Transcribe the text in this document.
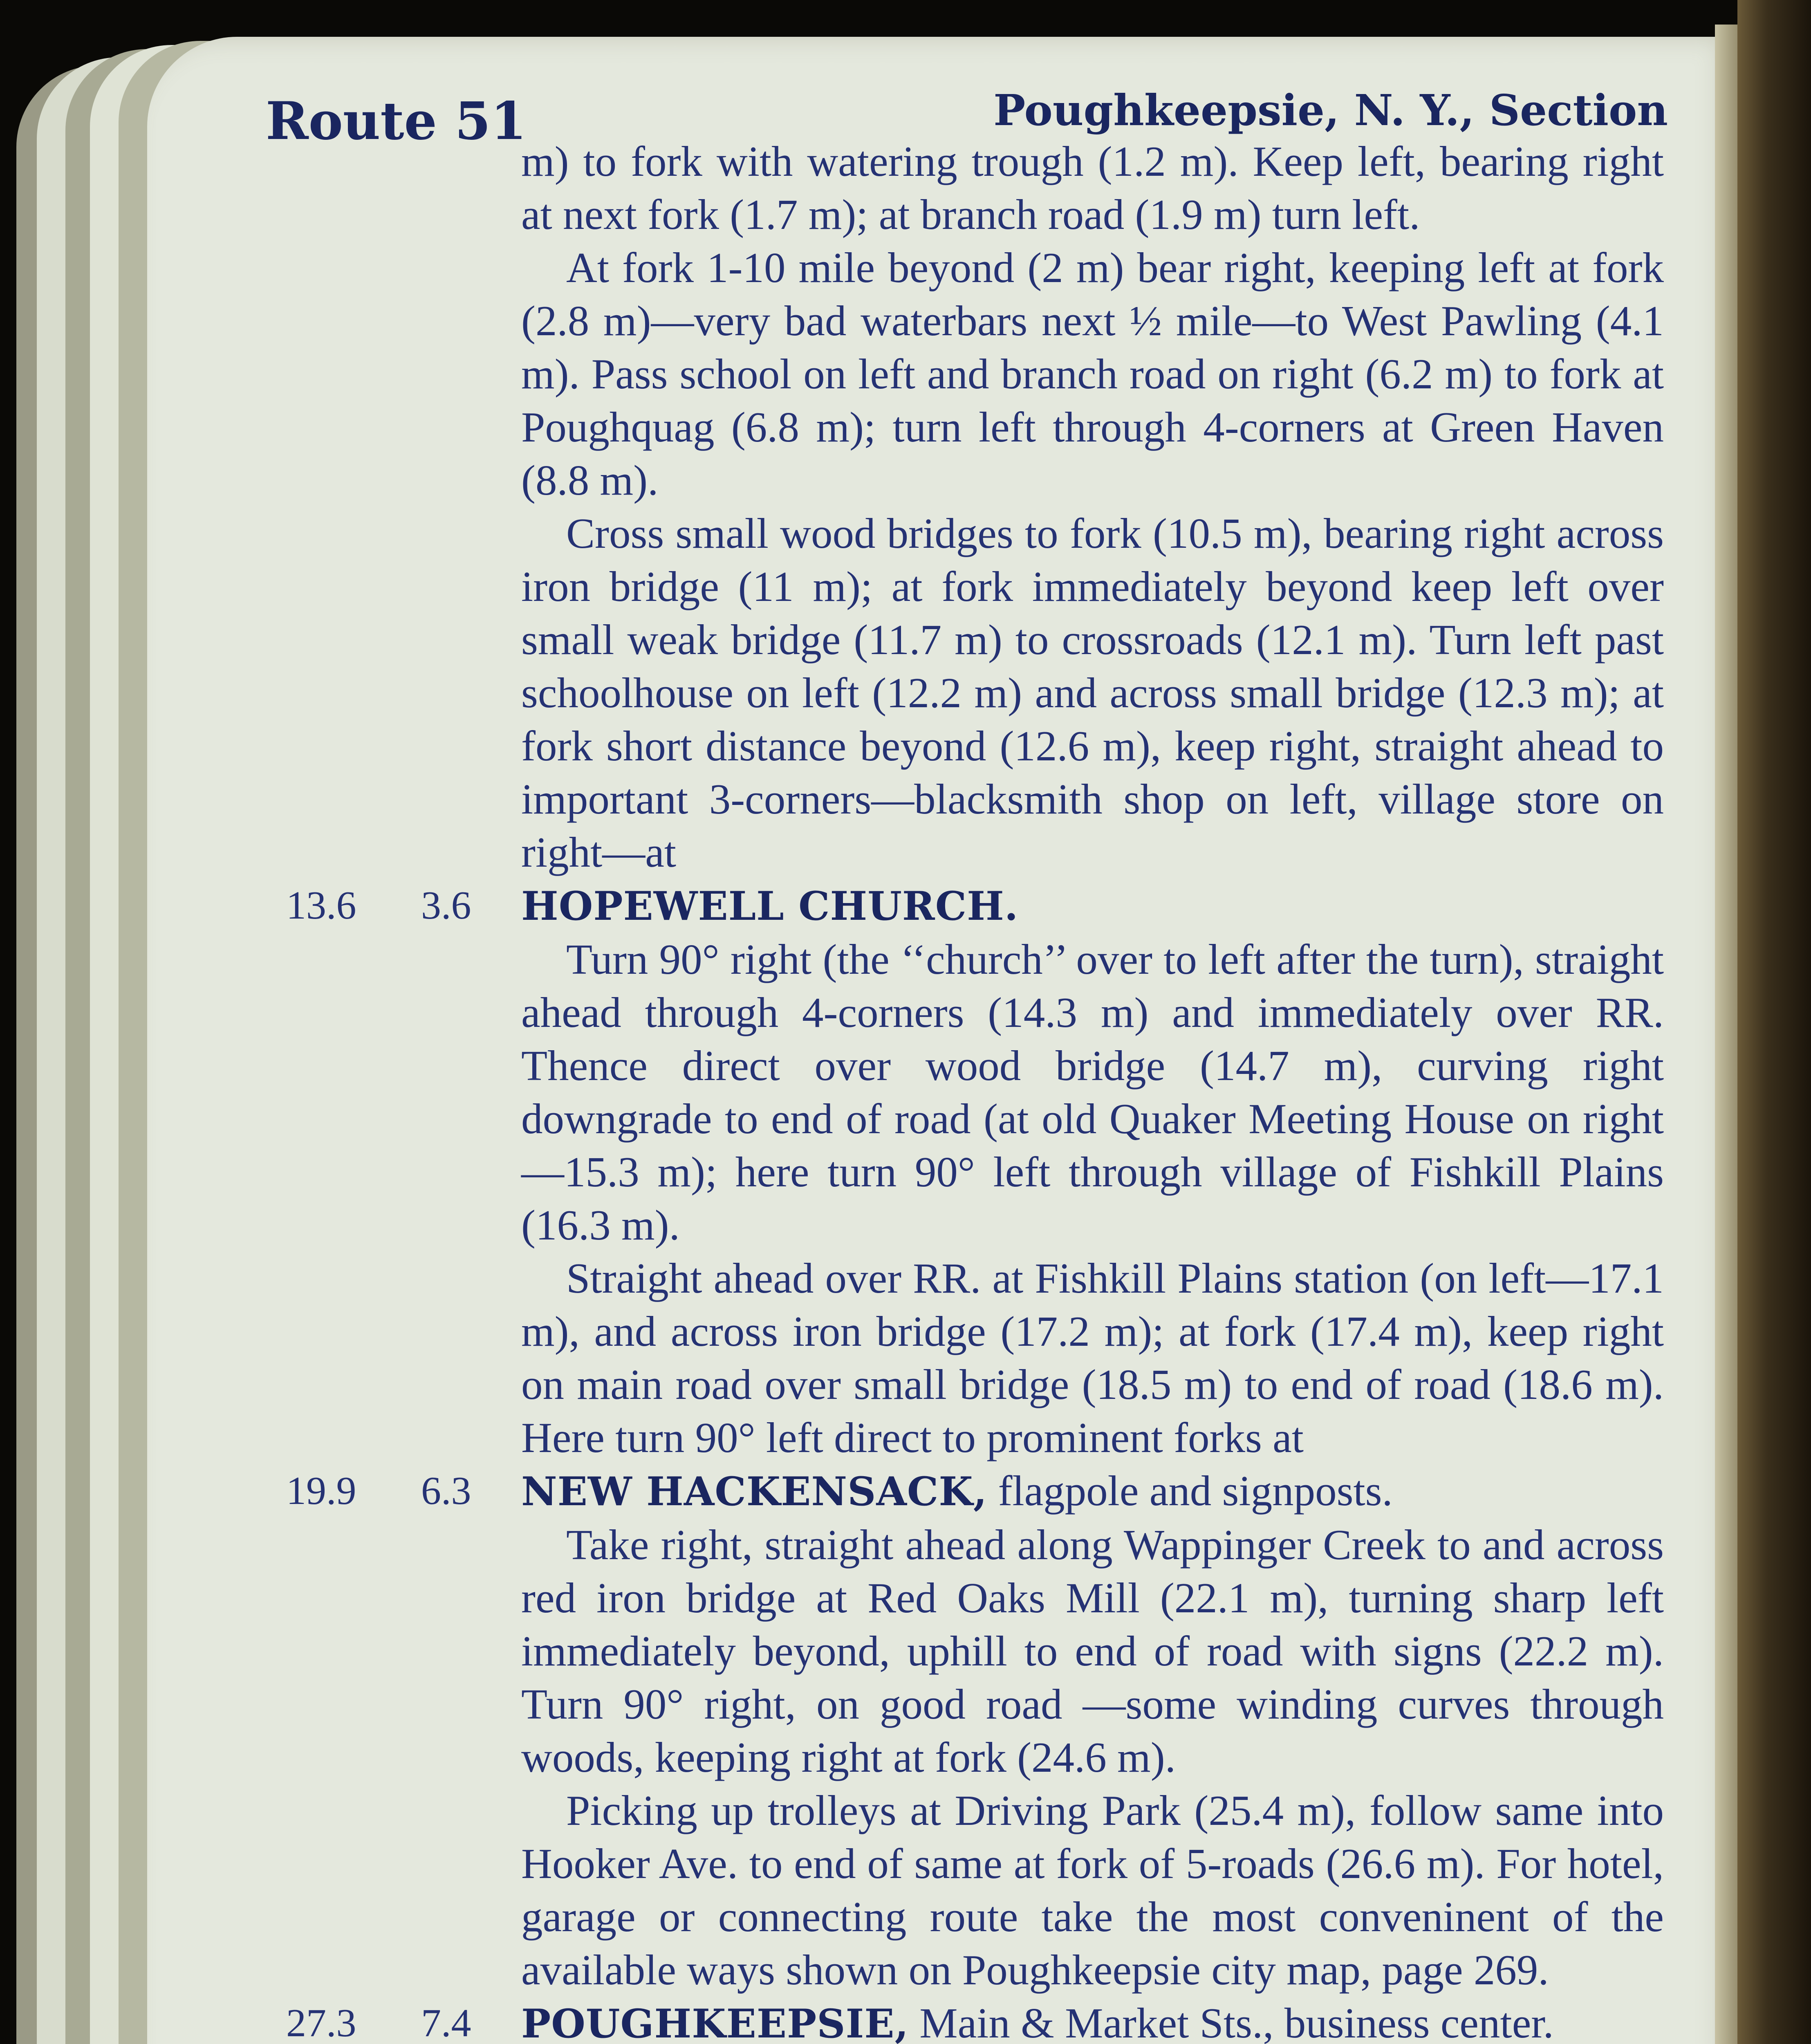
Route 51	Poughkeepsie, N. Y., Section

m) to fork with watering trough (1.2 m). Keep left, bearing right at next fork (1.7 m); at branch road (1.9 m) turn left.

At fork 1-10 mile beyond (2 m) bear right, keeping left at fork (2.8 m)—very bad waterbars next ½ mile—to West Pawling (4.1 m). Pass school on left and branch road on right (6.2 m) to fork at Poughquag (6.8 m); turn left through 4-corners at Green Haven (8.8 m).

Cross small wood bridges to fork (10.5 m), bearing right across iron bridge (11 m); at fork immediately beyond keep left over small weak bridge (11.7 m) to crossroads (12.1 m). Turn left past schoolhouse on left (12.2 m) and across small bridge (12.3 m); at fork short distance beyond (12.6 m), keep right, straight ahead to important 3-corners—blacksmith shop on left, village store on right—at

13.6 3.6 HOPEWELL CHURCH.

Turn 90° right (the ‘‘church’’ over to left after the turn), straight ahead through 4-corners (14.3 m) and immediately over RR. Thence direct over wood bridge (14.7 m), curving right downgrade to end of road (at old Quaker Meeting House on right—15.3 m); here turn 90° left through village of Fishkill Plains (16.3 m).

Straight ahead over RR. at Fishkill Plains station (on left—17.1 m), and across iron bridge (17.2 m); at fork (17.4 m), keep right on main road over small bridge (18.5 m) to end of road (18.6 m). Here turn 90° left direct to prominent forks at

19.9 6.3 NEW HACKENSACK, flagpole and signposts.

Take right, straight ahead along Wappinger Creek to and across red iron bridge at Red Oaks Mill (22.1 m), turning sharp left immediately beyond, uphill to end of road with signs (22.2 m). Turn 90° right, on good road —some winding curves through woods, keeping right at fork (24.6 m).

Picking up trolleys at Driving Park (25.4 m), follow same into Hooker Ave. to end of same at fork of 5-roads (26.6 m). For hotel, garage or connecting route take the most conveninent of the available ways shown on Poughkeepsie city map, page 269.

27.3 7.4 POUGHKEEPSIE, Main & Market Sts., business center.
